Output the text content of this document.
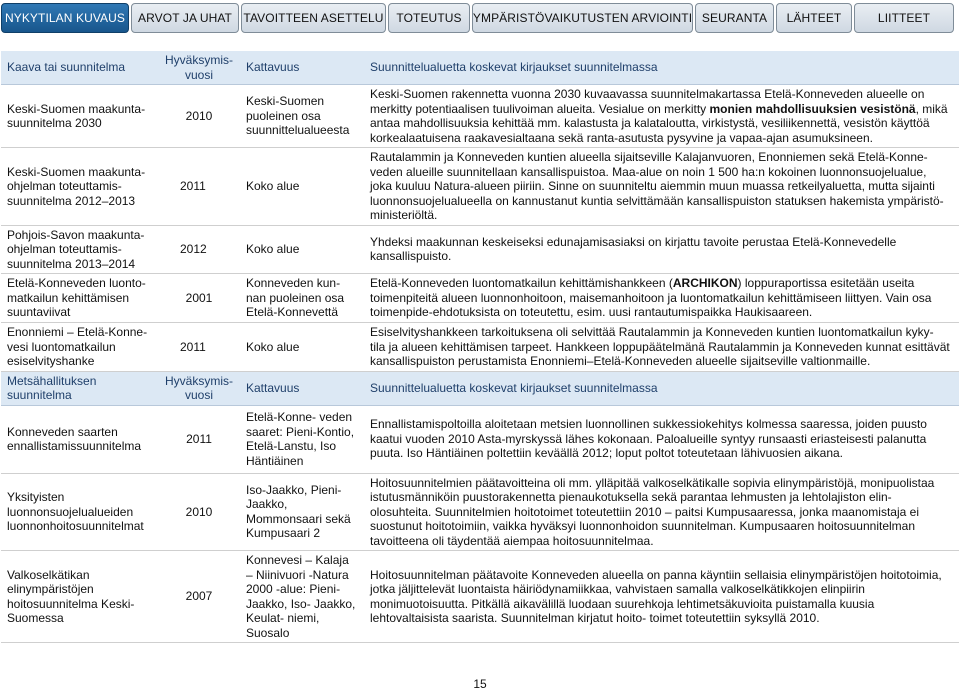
NYKYTILAN KUVAUS	ARVOT JA UHAT TAVOITTEEN ASETTELU	TOTEUTUS YMPÄRISTÖVAIKUTUSTEN ARVIOINTI SEURANTA	LÄHTEET	LIITTEET
Kaava tai suunnitelma	Hyväksymis- vuosi	Kattavuus	Suunnittelualuetta koskevat kirjaukset suunnitelmassa
Keski-Suomen maakunta- suunnitelma 2030	2010	Keski-Suomen puoleinen osa suunnittelualueesta	Keski-Suomen rakennetta vuonna 2030 kuvaavassa suunnitelmakartassa Etelä-Konneveden alueelle on merkitty potentiaalisen tuulivoiman alueita. Vesialue on merkitty monien mahdollisuuksien vesistönä, mikä antaa mahdollisuuksia kehittää mm. kalastusta ja kalataloutta, virkistystä, vesiliikennettä, vesistön käyttöä korkealaatuisena raakavesialtaana sekä ranta-asutusta pysyvine ja vapaa-ajan asumuksineen.
Keski-Suomen maakunta- ohjelman toteuttamis- suunnitelma 2012–2013	2011	Koko alue	Rautalammin ja Konneveden kuntien alueella sijaitseville Kalajanvuoren, Enonniemen sekä Etelä-Konne- veden alueille suunnitellaan kansallispuistoa. Maa-alue on noin 1 500 ha:n kokoinen luonnonsuojelualue, joka kuuluu Natura-alueen piiriin. Sinne on suunniteltu aiemmin muun muassa retkeilyaluetta, mutta sijainti luonnonsuojelualueella on kannustanut kuntia selvittämään kansallispuiston statuksen hakemista ympäristö- ministeriöltä.
Pohjois-Savon maakunta- ohjelman toteuttamis- suunnitelma 2013–2014	2012	Koko alue	Yhdeksi maakunnan keskeiseksi edunajamisasiaksi on kirjattu tavoite perustaa Etelä-Konnevedelle kansallispuisto.
Etelä-Konneveden luonto- matkailun kehittämisen suuntaviivat	2001	Konneveden kun- nan puoleinen osa Etelä-Konnevettä	Etelä-Konneveden luontomatkailun kehittämishankkeen (ARCHIKON) loppuraportissa esitetään useita toimenpiteitä alueen luonnonhoitoon, maisemanhoitoon ja luontomatkailun kehittämiseen liittyen. Vain osa toimenpide-ehdotuksista on toteutettu, esim. uusi rantautumispaikka Haukisaareen.
Enonniemi – Etelä-Konne- vesi luontomatkailun esiselvityshanke	2011	Koko alue	Esiselvityshankkeen tarkoituksena oli selvittää Rautalammin ja Konneveden kuntien luontomatkailun kyky- tila ja alueen kehittämisen tarpeet. Hankkeen loppupäätelmänä Rautalammin ja Konneveden kunnat esittävät kansallispuiston perustamista Enonniemi–Etelä-Konneveden alueelle sijaitseville valtionmaille.
Metsähallituksen suunnitelma	Hyväksymis- vuosi	Kattavuus	Suunnittelualuetta koskevat kirjaukset suunnitelmassa
Konneveden saarten ennallistamissuunnitelma	2011	Etelä-Konne- veden saaret: Pieni-Kontio, Etelä-Lanstu, Iso Häntiäinen	Ennallistamispoltoilla aloitetaan metsien luonnollinen sukkessiokehitys kolmessa saaressa, joiden puusto kaatui vuoden 2010 Asta-myrskyssä lähes kokonaan. Paloalueille syntyy runsaasti eriasteisesti palanutta puuta. Iso Häntiäinen poltettiin keväällä 2012; loput poltot toteutetaan lähivuosien aikana.
Yksityisten luonnonsuojelualueiden luonnonhoitosuunnitelmat	2010	Iso-Jaakko, Pieni-Jaakko, Mommonsaari sekä Kumpusaari 2	Hoitosuunnitelmien päätavoitteina oli mm. ylläpitää valkoselkätikalle sopivia elinympäristöjä, monipuolistaa istutusmänniköin puustorakennetta pienaukotuksella sekä parantaa lehmusten ja lehtolajiston elin- olosuhteita. Suunnitelmien hoitotoimet toteutettiin 2010 – paitsi Kumpusaaressa, jonka maanomistaja ei suostunut hoitotoimiin, vaikka hyväksyi luonnonhoidon suunnitelman. Kumpusaaren hoitosuunnitelman tavoitteena oli täydentää aiempaa hoitosuunnitelmaa.
Valkoselkätikan elinympäristöjen hoitosuunnitelma Keski-Suomessa	2007	Konnevesi – Kalaja – Niinivuori -Natura 2000 -alue: Pieni-Jaakko, Iso- Jaakko, Keulat- niemi, Suosalo	Hoitosuunnitelman päätavoite Konneveden alueella on panna käyntiin sellaisia elinympäristöjen hoitotoimia, jotka jäljittelevät luontaista häiriödynamiikkaa, vahvistaen samalla valkoselkätikkojen elinpiirin monimuotoisuutta. Pitkällä aikavälillä luodaan suurehkoja lehtimetsäkuvioita puistamalla kuusia lehtovaltaisista saarista. Suunnitelman kirjatut hoito- toimet toteutettiin syksyllä 2010.
15
